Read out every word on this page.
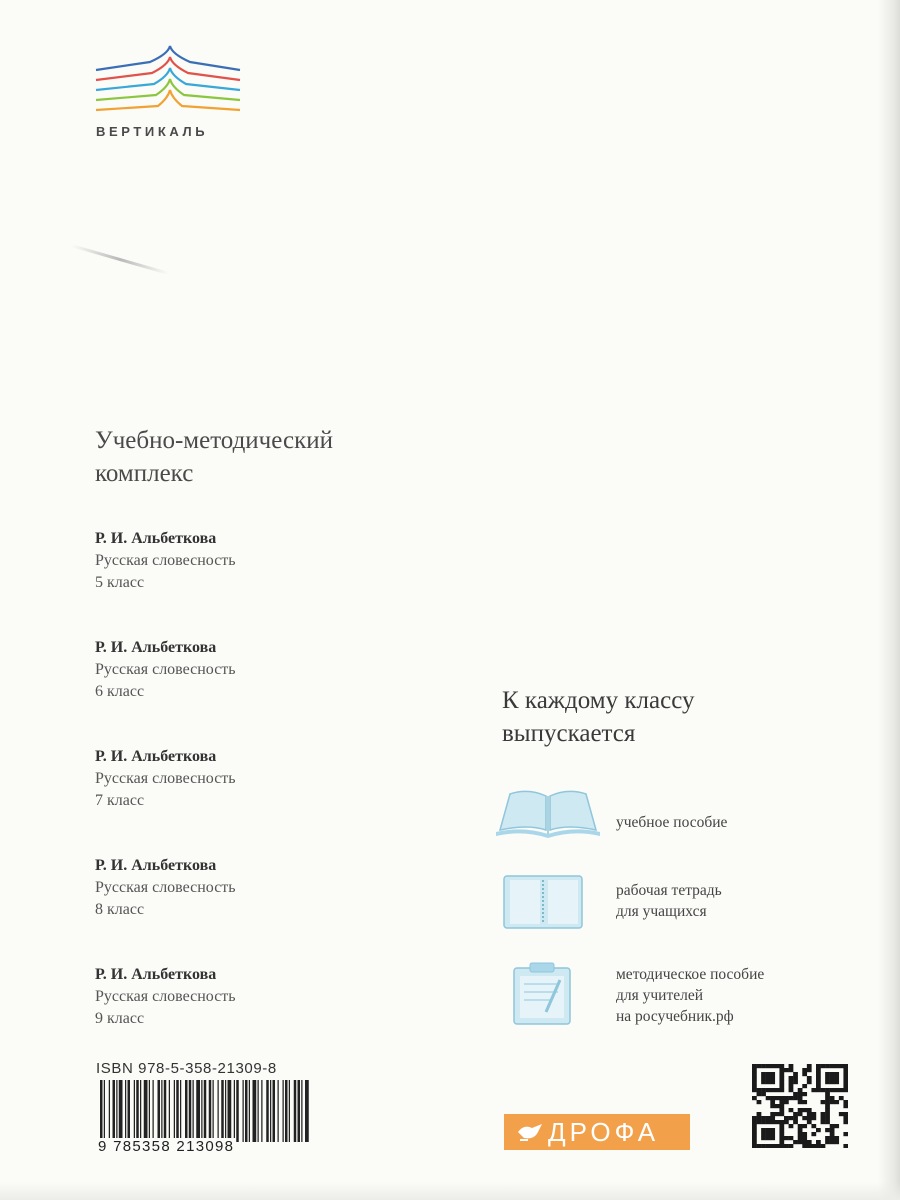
ВЕРТИКАЛЬ
Учебно-методический
комплекс
Р. И. Альбеткова
Русская словесность
5 класс
Р. И. Альбеткова
Русская словесность
6 класс
Р. И. Альбеткова
Русская словесность
7 класс
Р. И. Альбеткова
Русская словесность
8 класс
Р. И. Альбеткова
Русская словесность
9 класс
К каждому классу
выпускается
учебное пособие
рабочая тетрадь
для учащихся
методическое пособие
для учителей
на росучебник.рф
ISBN 978-5-358-21309-8
9 785358 213098	ДРОФА
